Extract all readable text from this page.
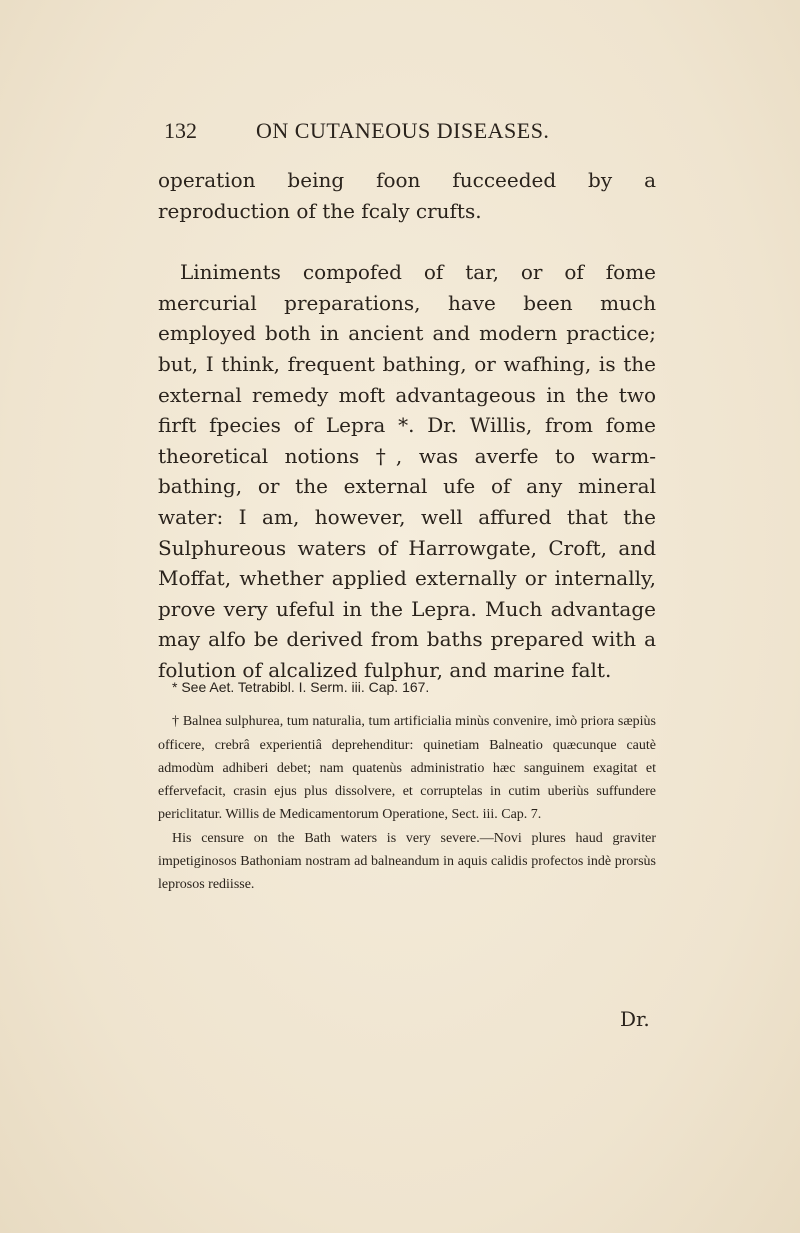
132	ON CUTANEOUS DISEASES.

operation being foon fucceeded by a reproduction of the fcaly crufts.

Liniments compofed of tar, or of fome mercurial preparations, have been much employed both in ancient and modern practice; but, I think, frequent bathing, or wafhing, is the external remedy moft advantageous in the two firft fpecies of Lepra *. Dr. Willis, from fome theoretical notions †, was averfe to warm-bathing, or the external ufe of any mineral water: I am, however, well affured that the Sulphureous waters of Harrowgate, Croft, and Moffat, whether applied externally or internally, prove very ufeful in the Lepra. Much advantage may alfo be derived from baths prepared with a folution of alcalized fulphur, and marine falt.

* See Aet. Tetrabibl. I. Serm. iii. Cap. 167.

† Balnea sulphurea, tum naturalia, tum artificialia minùs convenire, imò priora sæpiùs officere, crebrâ experientiâ deprehenditur: quinetiam Balneatio quæcunque cautè admodùm adhiberi debet; nam quatenùs administratio hæc sanguinem exagitat et effervefacit, crasin ejus plus dissolvere, et corruptelas in cutim uberiùs suffundere periclitatur. Willis de Medicamentorum Operatione, Sect. iii. Cap. 7.

His censure on the Bath waters is very severe.—Novi plures haud graviter impetiginosos Bathoniam nostram ad balneandum in aquis calidis profectos indè prorsùs leprosos rediisse.

Dr.
